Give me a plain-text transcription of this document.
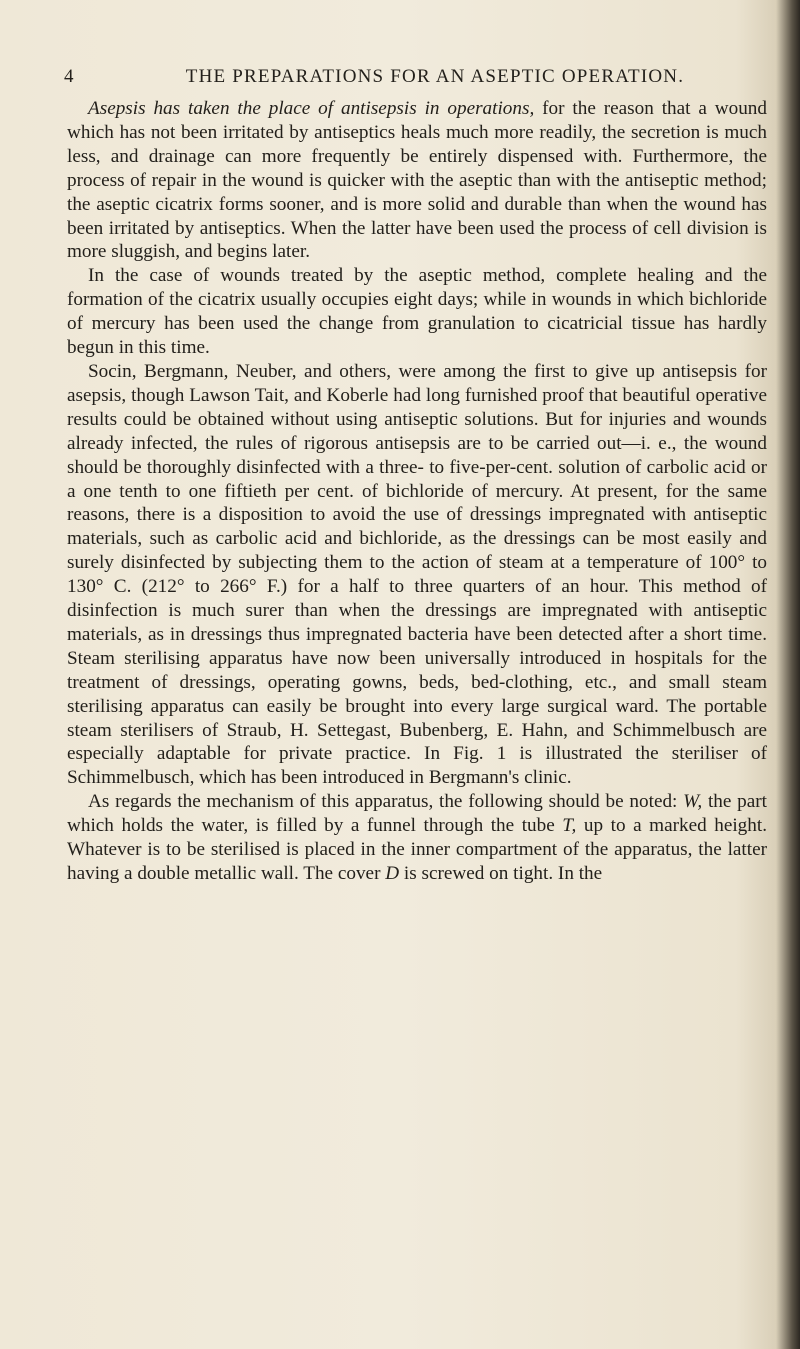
4	THE PREPARATIONS FOR AN ASEPTIC OPERATION.

Asepsis has taken the place of antisepsis in operations, for the reason that a wound which has not been irritated by antiseptics heals much more readily, the secretion is much less, and drainage can more frequently be entirely dispensed with. Furthermore, the process of repair in the wound is quicker with the aseptic than with the antiseptic method; the aseptic cicatrix forms sooner, and is more solid and durable than when the wound has been irritated by antiseptics. When the latter have been used the process of cell division is more sluggish, and begins later.

In the case of wounds treated by the aseptic method, complete healing and the formation of the cicatrix usually occupies eight days; while in wounds in which bichloride of mercury has been used the change from granulation to cicatricial tissue has hardly begun in this time.

Socin, Bergmann, Neuber, and others, were among the first to give up antisepsis for asepsis, though Lawson Tait, and Koberle had long furnished proof that beautiful operative results could be obtained without using antiseptic solutions. But for injuries and wounds already infected, the rules of rigorous antisepsis are to be carried out—i. e., the wound should be thoroughly disinfected with a three- to five-per-cent. solution of carbolic acid or a one tenth to one fiftieth per cent. of bichloride of mercury. At present, for the same reasons, there is a disposition to avoid the use of dressings impregnated with antiseptic materials, such as carbolic acid and bichloride, as the dressings can be most easily and surely disinfected by subjecting them to the action of steam at a temperature of 100° to 130° C. (212° to 266° F.) for a half to three quarters of an hour. This method of disinfection is much surer than when the dressings are impregnated with antiseptic materials, as in dressings thus impregnated bacteria have been detected after a short time. Steam sterilising apparatus have now been universally introduced in hospitals for the treatment of dressings, operating gowns, beds, bed-clothing, etc., and small steam sterilising apparatus can easily be brought into every large surgical ward. The portable steam sterilisers of Straub, H. Settegast, Bubenberg, E. Hahn, and Schimmelbusch are especially adaptable for private practice. In Fig. 1 is illustrated the steriliser of Schimmelbusch, which has been introduced in Bergmann's clinic.

As regards the mechanism of this apparatus, the following should be noted: W, the part which holds the water, is filled by a funnel through the tube T, up to a marked height. Whatever is to be sterilised is placed in the inner compartment of the apparatus, the latter having a double metallic wall. The cover D is screwed on tight. In the
